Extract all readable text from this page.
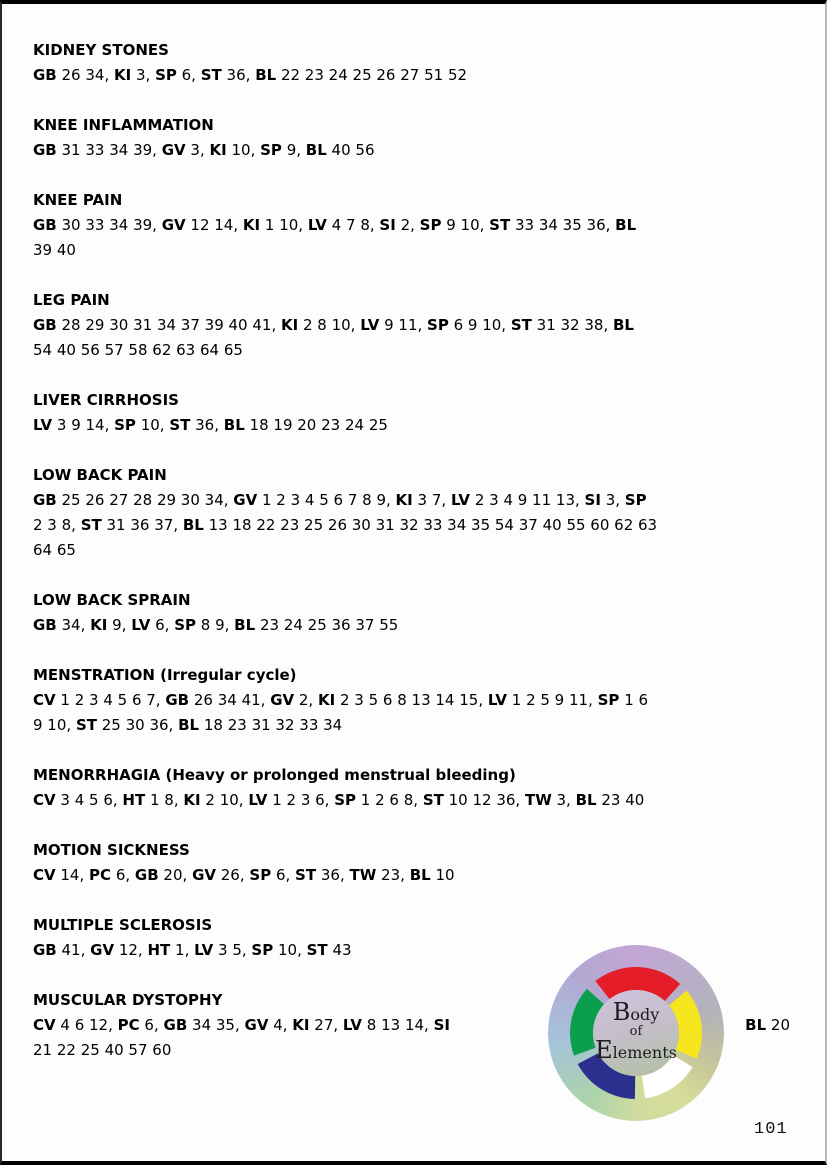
KIDNEY STONES
GB 26 34, KI 3, SP 6, ST 36, BL 22 23 24 25 26 27 51 52
KNEE INFLAMMATION
GB 31 33 34 39, GV 3, KI 10, SP 9, BL 40 56
KNEE PAIN
GB 30 33 34 39, GV 12 14, KI 1 10, LV 4 7 8, SI 2, SP 9 10, ST 33 34 35 36, BL
39 40
LEG PAIN
GB 28 29 30 31 34 37 39 40 41, KI 2 8 10, LV 9 11, SP 6 9 10, ST 31 32 38, BL
54 40 56 57 58 62 63 64 65
LIVER CIRRHOSIS
LV 3 9 14, SP 10, ST 36, BL 18 19 20 23 24 25
LOW BACK PAIN
GB 25 26 27 28 29 30 34, GV 1 2 3 4 5 6 7 8 9, KI 3 7, LV 2 3 4 9 11 13, SI 3, SP
2 3 8, ST 31 36 37, BL 13 18 22 23 25 26 30 31 32 33 34 35 54 37 40 55 60 62 63
64 65
LOW BACK SPRAIN
GB 34, KI 9, LV 6, SP 8 9, BL 23 24 25 36 37 55
MENSTRATION (Irregular cycle)
CV 1 2 3 4 5 6 7, GB 26 34 41, GV 2, KI 2 3 5 6 8 13 14 15, LV 1 2 5 9 11, SP 1 6
9 10, ST 25 30 36, BL 18 23 31 32 33 34
MENORRHAGIA (Heavy or prolonged menstrual bleeding)
CV 3 4 5 6, HT 1 8, KI 2 10, LV 1 2 3 6, SP 1 2 6 8, ST 10 12 36, TW 3, BL 23 40
MOTION SICKNESS
CV 14, PC 6, GB 20, GV 26, SP 6, ST 36, TW 23, BL 10
MULTIPLE SCLEROSIS
GB 41, GV 12, HT 1, LV 3 5, SP 10, ST 43
MUSCULAR DYSTOPHY
CV 4 6 12, PC 6, GB 34 35, GV 4, KI 27, LV 8 13 14, SI	BL 20
21 22 25 40 57 60
Body
of
Elements
101
